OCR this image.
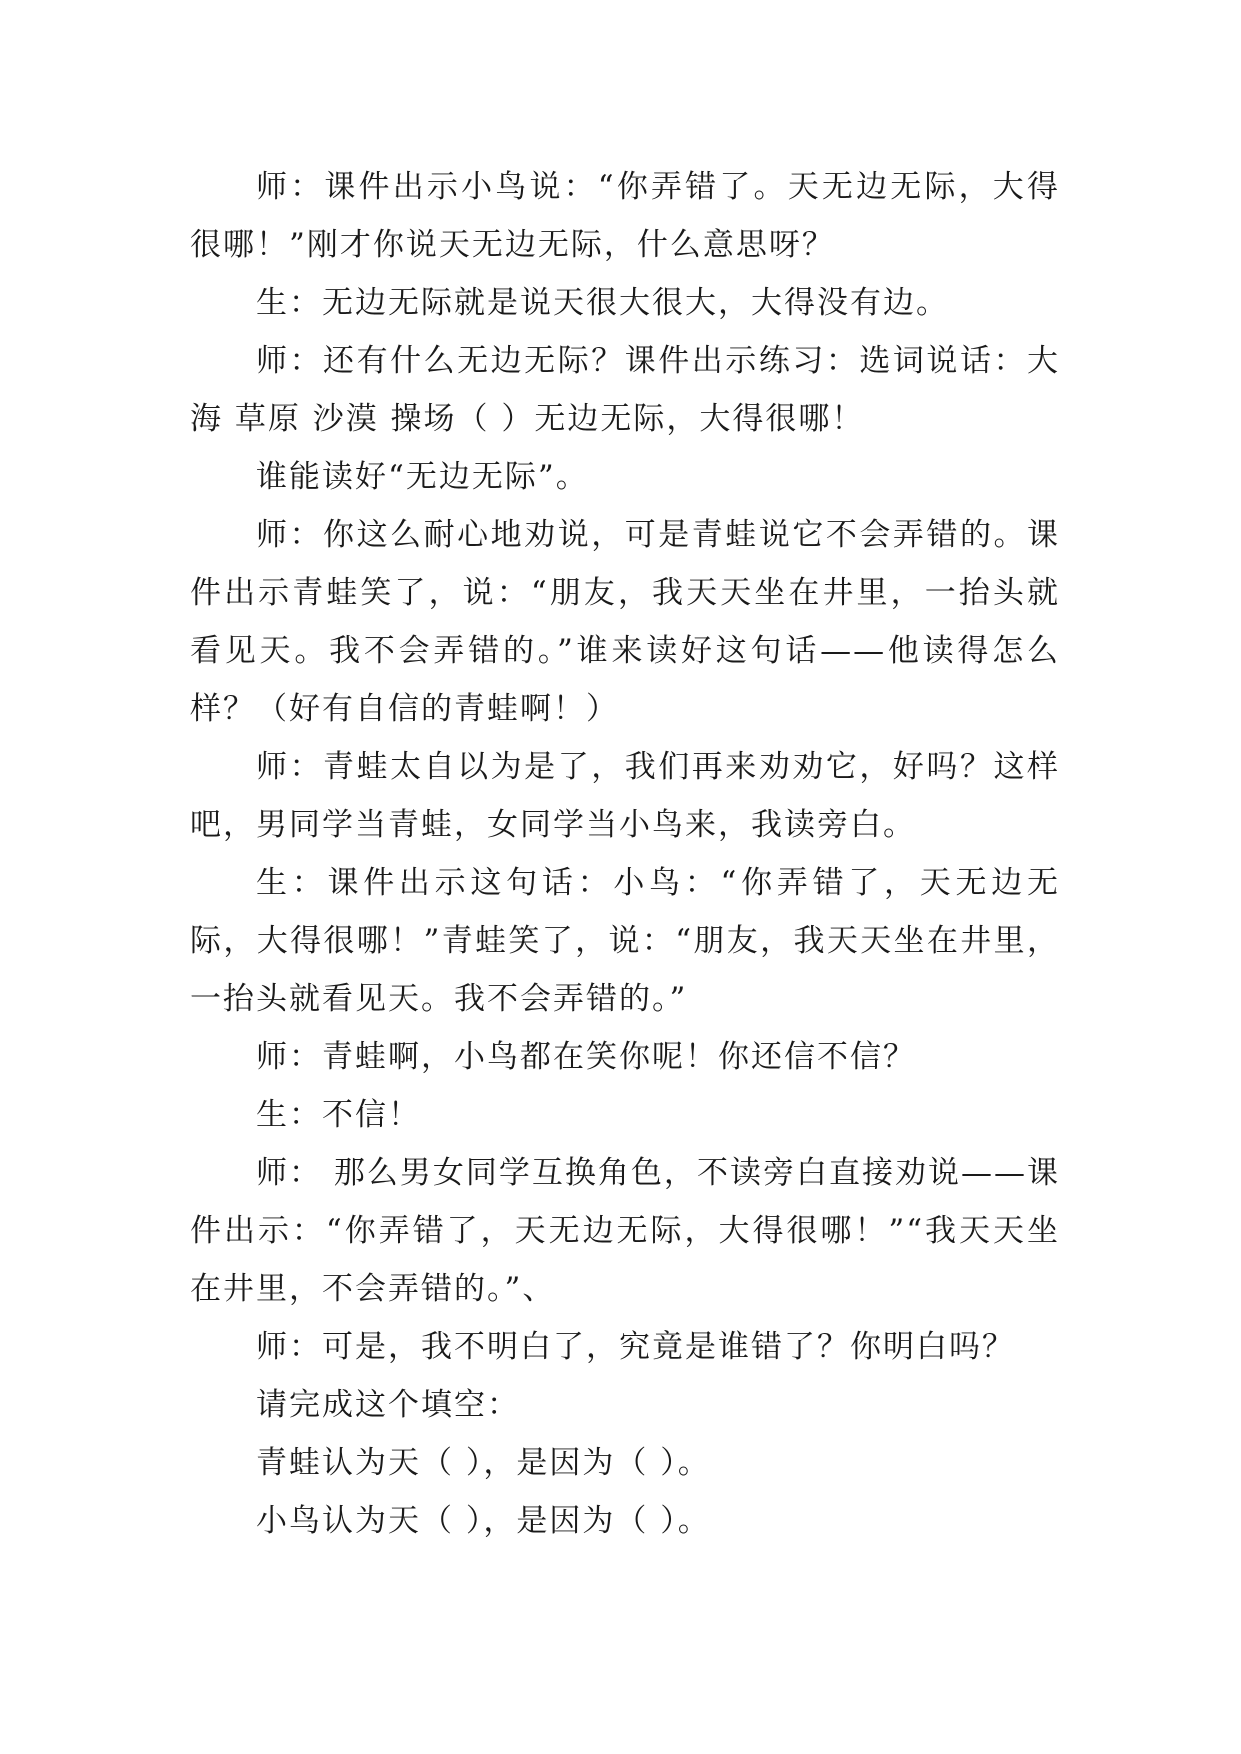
师：课件出示小鸟说：“你弄错了。天无边无际，大得很哪！”刚才你说天无边无际，什么意思呀？

生：无边无际就是说天很大很大，大得没有边。

师：还有什么无边无际？课件出示练习：选词说话：大海 草原 沙漠 操场（ ）无边无际，大得很哪！

谁能读好“无边无际”。

师：你这么耐心地劝说，可是青蛙说它不会弄错的。课件出示青蛙笑了，说：“朋友，我天天坐在井里，一抬头就看见天。我不会弄错的。”谁来读好这句话——他读得怎么样？（好有自信的青蛙啊！）

师：青蛙太自以为是了，我们再来劝劝它，好吗？这样吧，男同学当青蛙，女同学当小鸟来，我读旁白。

生：课件出示这句话：小鸟：“你弄错了，天无边无际，大得很哪！”青蛙笑了，说：“朋友，我天天坐在井里，一抬头就看见天。我不会弄错的。”

师：青蛙啊，小鸟都在笑你呢！你还信不信？

生：不信！

师： 那么男女同学互换角色，不读旁白直接劝说——课件出示：“你弄错了，天无边无际，大得很哪！”“我天天坐在井里，不会弄错的。”、

师：可是，我不明白了，究竟是谁错了？你明白吗？

请完成这个填空：

青蛙认为天（ ），是因为（ ）。

小鸟认为天（ ），是因为（ ）。
